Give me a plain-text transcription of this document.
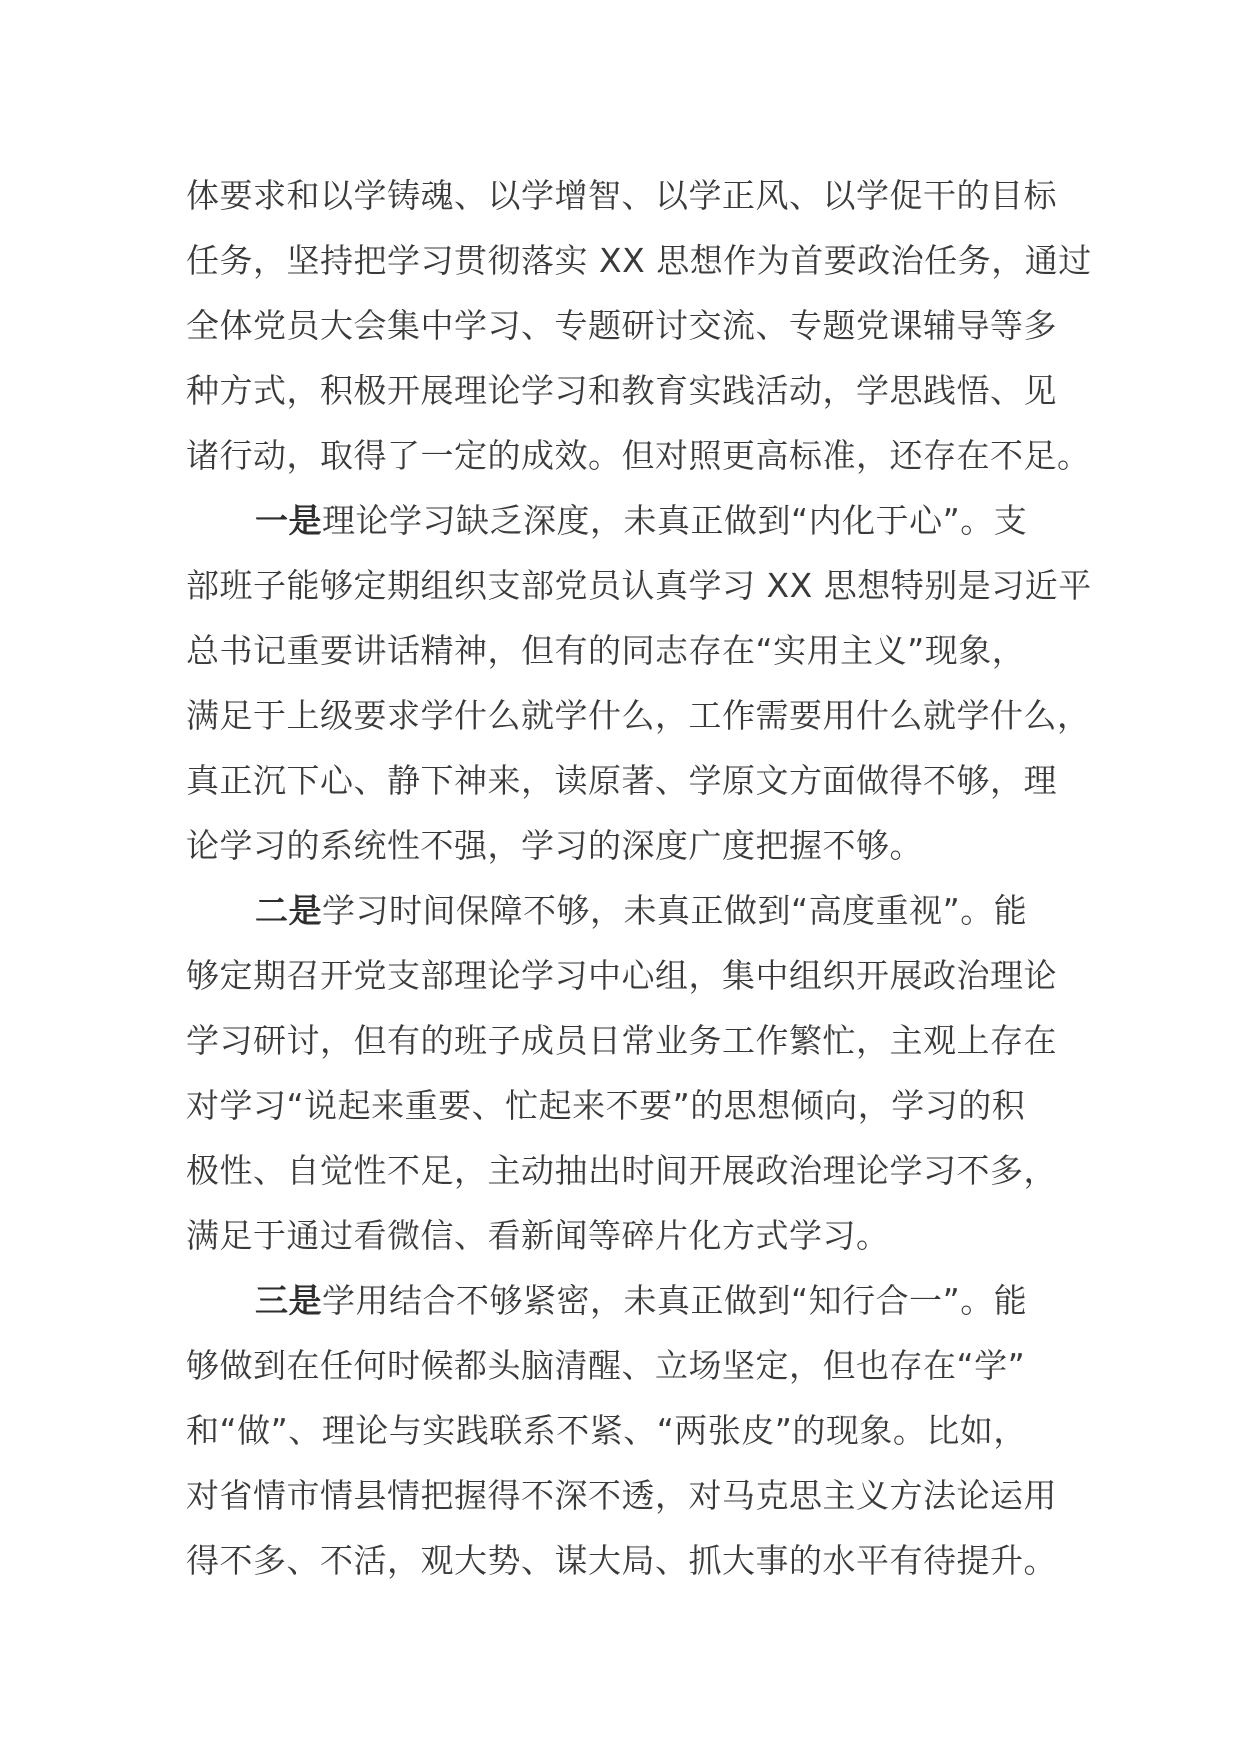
体要求和以学铸魂、以学增智、以学正风、以学促干的目标
任务，坚持把学习贯彻落实 XX 思想作为首要政治任务，通过
全体党员大会集中学习、专题研讨交流、专题党课辅导等多
种方式，积极开展理论学习和教育实践活动，学思践悟、见
诸行动，取得了一定的成效。但对照更高标准，还存在不足。
一是理论学习缺乏深度，未真正做到“内化于心”。支
部班子能够定期组织支部党员认真学习 XX 思想特别是习近平
总书记重要讲话精神，但有的同志存在“实用主义”现象，
满足于上级要求学什么就学什么，工作需要用什么就学什么，
真正沉下心、静下神来，读原著、学原文方面做得不够，理
论学习的系统性不强，学习的深度广度把握不够。
二是学习时间保障不够，未真正做到“高度重视”。能
够定期召开党支部理论学习中心组，集中组织开展政治理论
学习研讨，但有的班子成员日常业务工作繁忙，主观上存在
对学习“说起来重要、忙起来不要”的思想倾向，学习的积
极性、自觉性不足，主动抽出时间开展政治理论学习不多，
满足于通过看微信、看新闻等碎片化方式学习。
三是学用结合不够紧密，未真正做到“知行合一”。能
够做到在任何时候都头脑清醒、立场坚定，但也存在“学”
和“做”、理论与实践联系不紧、“两张皮”的现象。比如，
对省情市情县情把握得不深不透，对马克思主义方法论运用
得不多、不活，观大势、谋大局、抓大事的水平有待提升。
